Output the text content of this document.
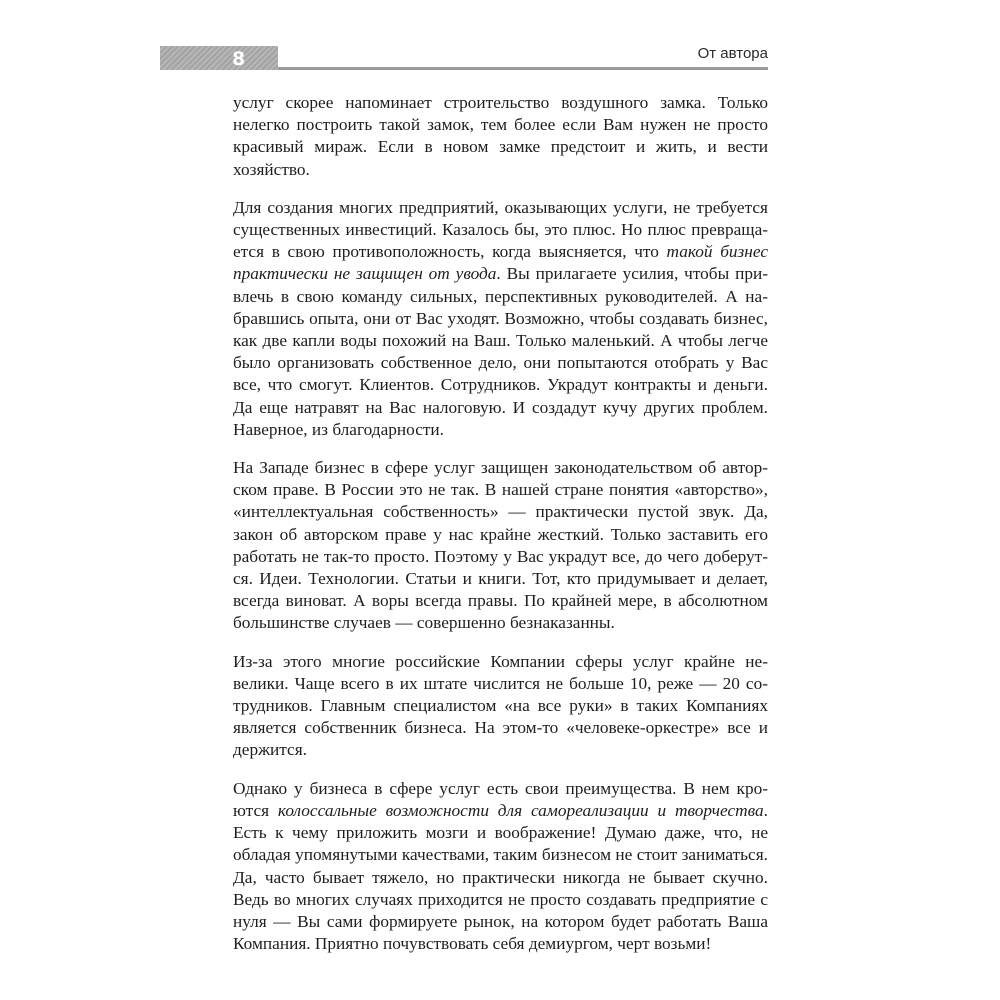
8	От автора

услуг скорее напоминает строительство воздушного замка. Только нелегко построить такой замок, тем более если Вам нужен не просто красивый мираж. Если в новом замке предстоит и жить, и вести хозяйство.

Для создания многих предприятий, оказывающих услуги, не требуется существенных инвестиций. Казалось бы, это плюс. Но плюс превращается в свою противоположность, когда выясняется, что такой бизнес практически не защищен от увода. Вы прилагаете усилия, чтобы привлечь в свою команду сильных, перспективных руководителей. А набравшись опыта, они от Вас уходят. Возможно, чтобы создавать бизнес, как две капли воды похожий на Ваш. Только маленький. А чтобы легче было организовать собственное дело, они попытаются отобрать у Вас все, что смогут. Клиентов. Сотрудников. Украдут контракты и деньги. Да еще натравят на Вас налоговую. И создадут кучу других проблем. Наверное, из благодарности.

На Западе бизнес в сфере услуг защищен законодательством об авторском праве. В России это не так. В нашей стране понятия «авторство», «интеллектуальная собственность» — практически пустой звук. Да, закон об авторском праве у нас крайне жесткий. Только заставить его работать не так-то просто. Поэтому у Вас украдут все, до чего доберутся. Идеи. Технологии. Статьи и книги. Тот, кто придумывает и делает, всегда виноват. А воры всегда правы. По крайней мере, в абсолютном большинстве случаев — совершенно безнаказанны.

Из-за этого многие российские Компании сферы услуг крайне невелики. Чаще всего в их штате числится не больше 10, реже — 20 сотрудников. Главным специалистом «на все руки» в таких Компаниях является собственник бизнеса. На этом-то «человеке-оркестре» все и держится.

Однако у бизнеса в сфере услуг есть свои преимущества. В нем кроются колоссальные возможности для самореализации и творчества. Есть к чему приложить мозги и воображение! Думаю даже, что, не обладая упомянутыми качествами, таким бизнесом не стоит заниматься. Да, часто бывает тяжело, но практически никогда не бывает скучно. Ведь во многих случаях приходится не просто создавать предприятие с нуля — Вы сами формируете рынок, на котором будет работать Ваша Компания. Приятно почувствовать себя демиургом, черт возьми!
